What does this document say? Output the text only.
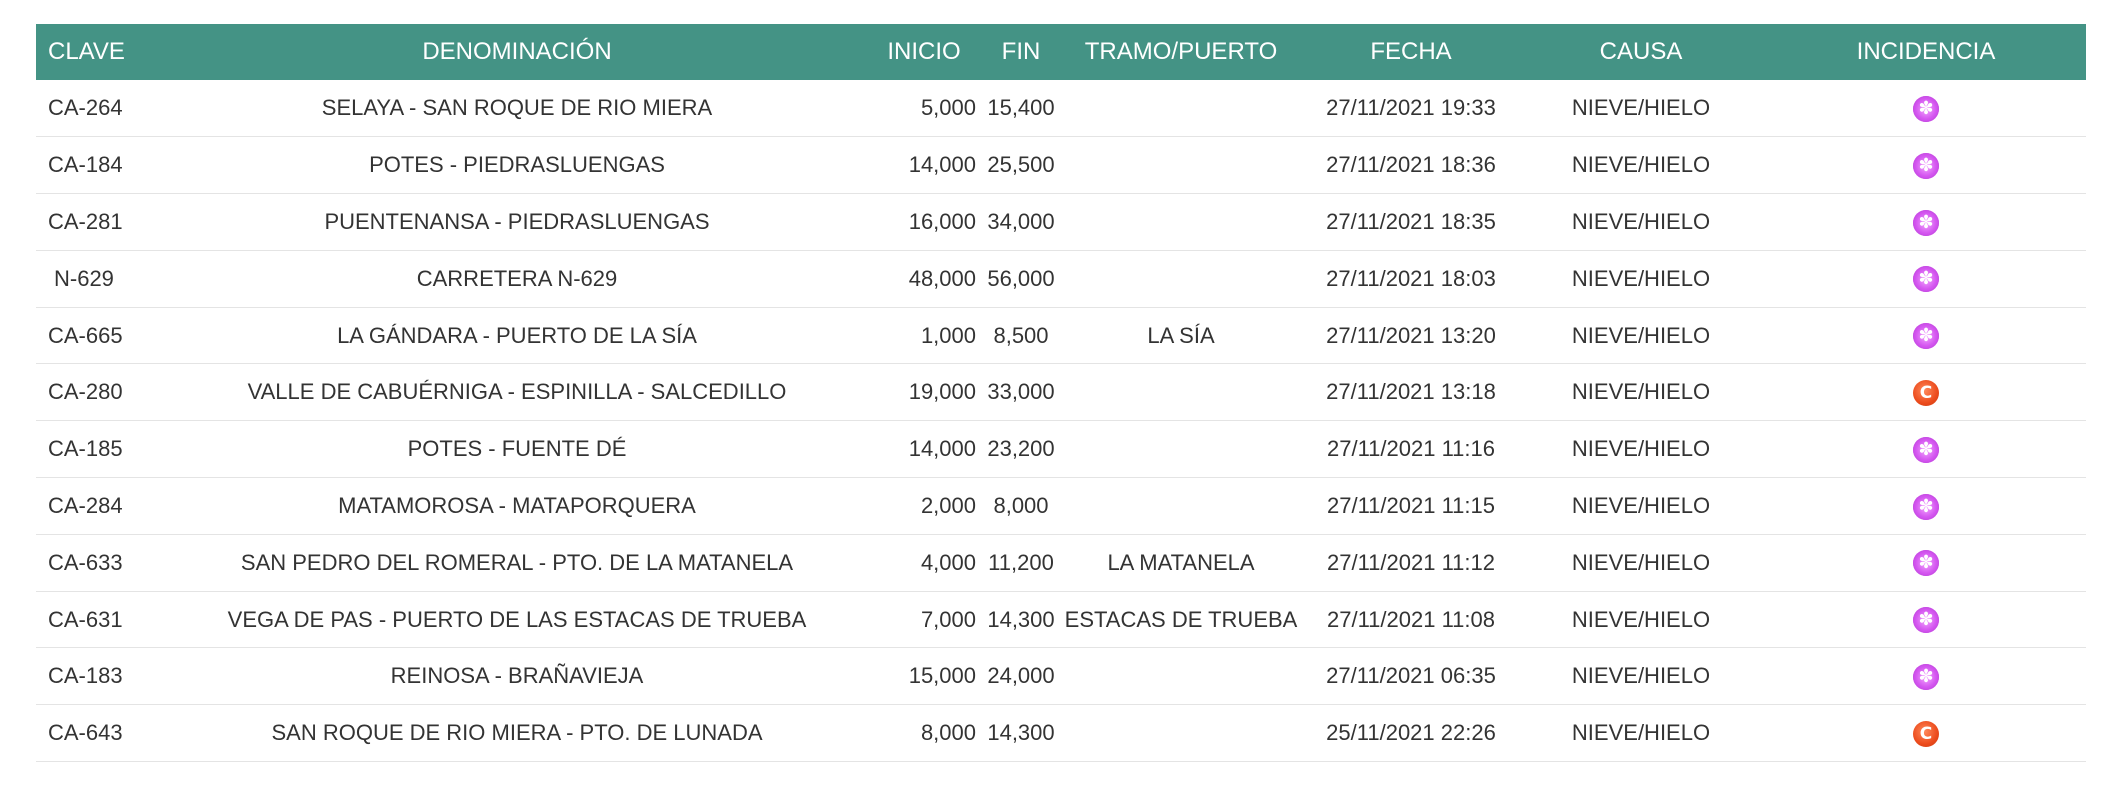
CLAVE	DENOMINACIÓN	INICIO	FIN	TRAMO/PUERTO	FECHA	CAUSA	INCIDENCIA
CA-264	SELAYA - SAN ROQUE DE RIO MIERA	5,000	15,400		27/11/2021 19:33	NIEVE/HIELO	✽
CA-184	POTES - PIEDRASLUENGAS	14,000	25,500		27/11/2021 18:36	NIEVE/HIELO	✽
CA-281	PUENTENANSA - PIEDRASLUENGAS	16,000	34,000		27/11/2021 18:35	NIEVE/HIELO	✽
N-629	CARRETERA N-629	48,000	56,000		27/11/2021 18:03	NIEVE/HIELO	✽
CA-665	LA GÁNDARA - PUERTO DE LA SÍA	1,000	8,500	LA SÍA	27/11/2021 13:20	NIEVE/HIELO	✽
CA-280	VALLE DE CABUÉRNIGA - ESPINILLA - SALCEDILLO	19,000	33,000		27/11/2021 13:18	NIEVE/HIELO	C
CA-185	POTES - FUENTE DÉ	14,000	23,200		27/11/2021 11:16	NIEVE/HIELO	✽
CA-284	MATAMOROSA - MATAPORQUERA	2,000	8,000		27/11/2021 11:15	NIEVE/HIELO	✽
CA-633	SAN PEDRO DEL ROMERAL - PTO. DE LA MATANELA	4,000	11,200	LA MATANELA	27/11/2021 11:12	NIEVE/HIELO	✽
CA-631	VEGA DE PAS - PUERTO DE LAS ESTACAS DE TRUEBA	7,000	14,300	ESTACAS DE TRUEBA	27/11/2021 11:08	NIEVE/HIELO	✽
CA-183	REINOSA - BRAÑAVIEJA	15,000	24,000		27/11/2021 06:35	NIEVE/HIELO	✽
CA-643	SAN ROQUE DE RIO MIERA - PTO. DE LUNADA	8,000	14,300		25/11/2021 22:26	NIEVE/HIELO	C
